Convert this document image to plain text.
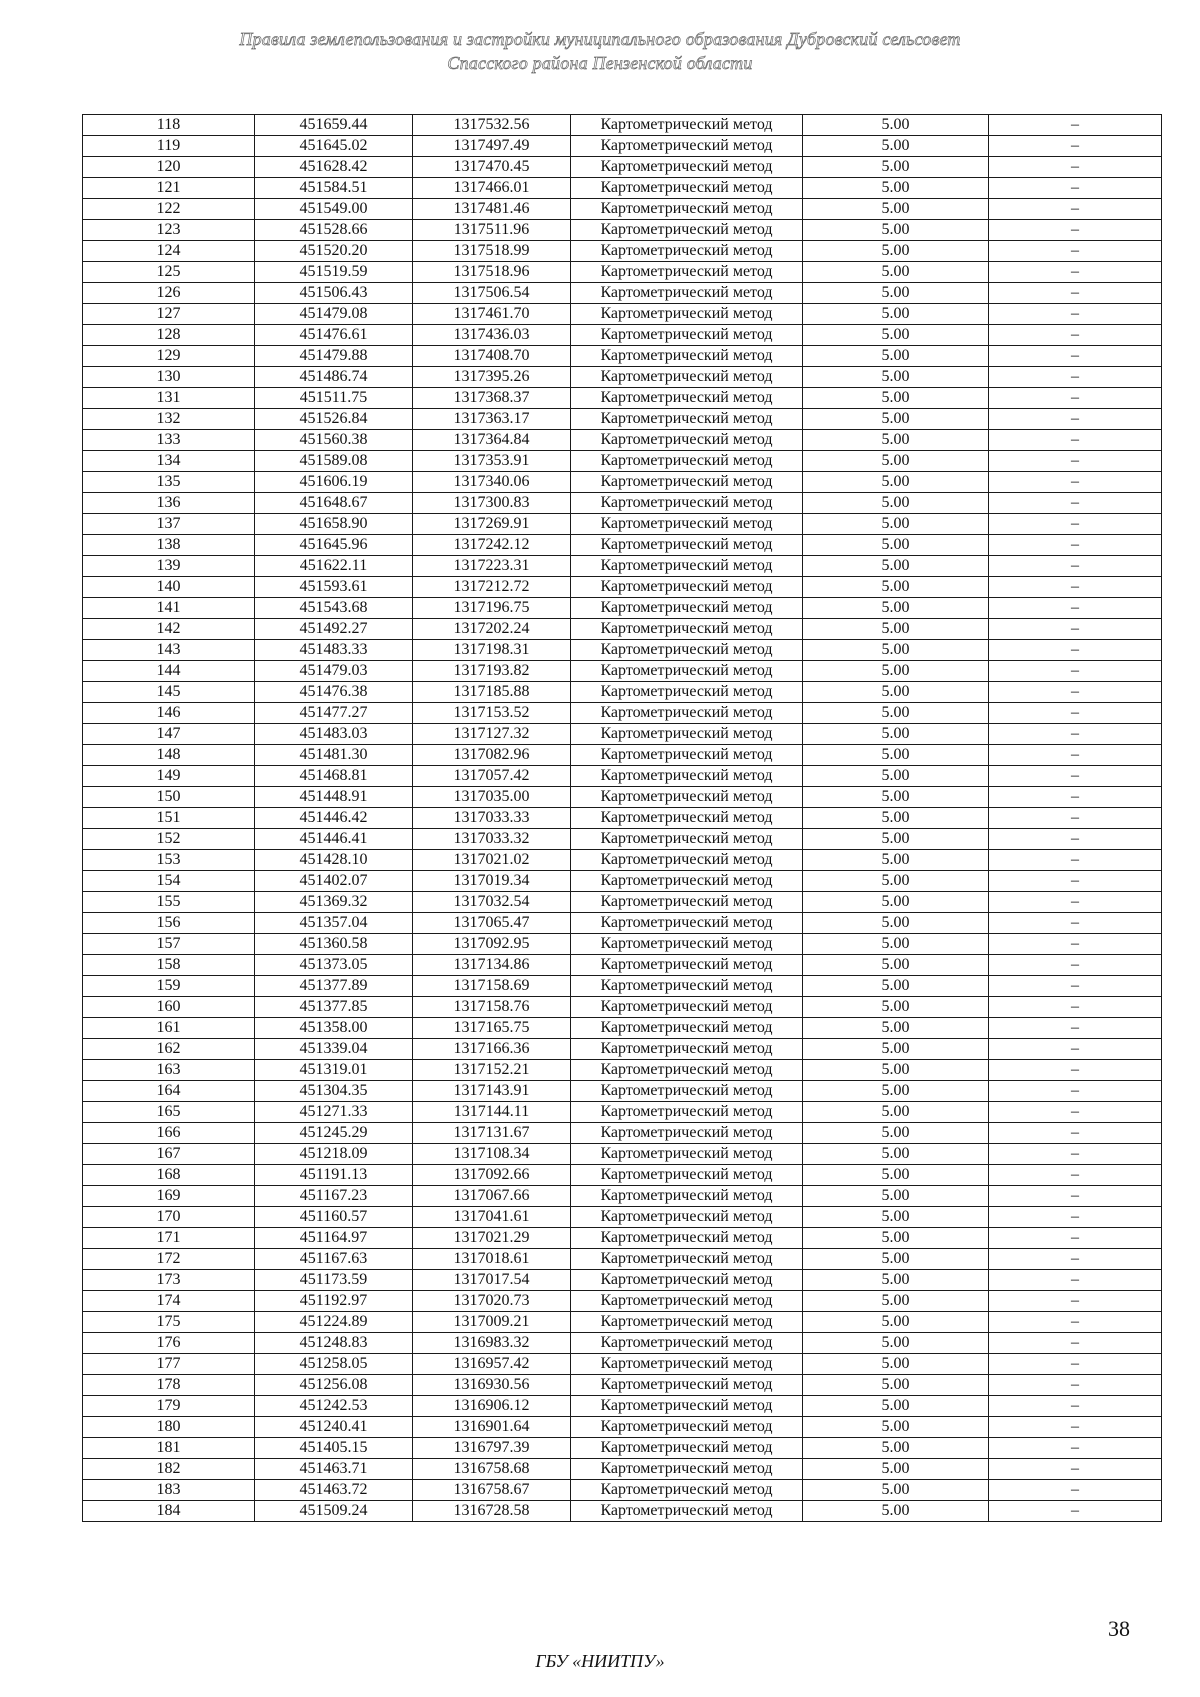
Правила землепользования и застройки муниципального образования Дубровский сельсовет
Спасского района Пензенской области
118	451659.44	1317532.56	Картометрический метод	5.00	–
119	451645.02	1317497.49	Картометрический метод	5.00	–
120	451628.42	1317470.45	Картометрический метод	5.00	–
121	451584.51	1317466.01	Картометрический метод	5.00	–
122	451549.00	1317481.46	Картометрический метод	5.00	–
123	451528.66	1317511.96	Картометрический метод	5.00	–
124	451520.20	1317518.99	Картометрический метод	5.00	–
125	451519.59	1317518.96	Картометрический метод	5.00	–
126	451506.43	1317506.54	Картометрический метод	5.00	–
127	451479.08	1317461.70	Картометрический метод	5.00	–
128	451476.61	1317436.03	Картометрический метод	5.00	–
129	451479.88	1317408.70	Картометрический метод	5.00	–
130	451486.74	1317395.26	Картометрический метод	5.00	–
131	451511.75	1317368.37	Картометрический метод	5.00	–
132	451526.84	1317363.17	Картометрический метод	5.00	–
133	451560.38	1317364.84	Картометрический метод	5.00	–
134	451589.08	1317353.91	Картометрический метод	5.00	–
135	451606.19	1317340.06	Картометрический метод	5.00	–
136	451648.67	1317300.83	Картометрический метод	5.00	–
137	451658.90	1317269.91	Картометрический метод	5.00	–
138	451645.96	1317242.12	Картометрический метод	5.00	–
139	451622.11	1317223.31	Картометрический метод	5.00	–
140	451593.61	1317212.72	Картометрический метод	5.00	–
141	451543.68	1317196.75	Картометрический метод	5.00	–
142	451492.27	1317202.24	Картометрический метод	5.00	–
143	451483.33	1317198.31	Картометрический метод	5.00	–
144	451479.03	1317193.82	Картометрический метод	5.00	–
145	451476.38	1317185.88	Картометрический метод	5.00	–
146	451477.27	1317153.52	Картометрический метод	5.00	–
147	451483.03	1317127.32	Картометрический метод	5.00	–
148	451481.30	1317082.96	Картометрический метод	5.00	–
149	451468.81	1317057.42	Картометрический метод	5.00	–
150	451448.91	1317035.00	Картометрический метод	5.00	–
151	451446.42	1317033.33	Картометрический метод	5.00	–
152	451446.41	1317033.32	Картометрический метод	5.00	–
153	451428.10	1317021.02	Картометрический метод	5.00	–
154	451402.07	1317019.34	Картометрический метод	5.00	–
155	451369.32	1317032.54	Картометрический метод	5.00	–
156	451357.04	1317065.47	Картометрический метод	5.00	–
157	451360.58	1317092.95	Картометрический метод	5.00	–
158	451373.05	1317134.86	Картометрический метод	5.00	–
159	451377.89	1317158.69	Картометрический метод	5.00	–
160	451377.85	1317158.76	Картометрический метод	5.00	–
161	451358.00	1317165.75	Картометрический метод	5.00	–
162	451339.04	1317166.36	Картометрический метод	5.00	–
163	451319.01	1317152.21	Картометрический метод	5.00	–
164	451304.35	1317143.91	Картометрический метод	5.00	–
165	451271.33	1317144.11	Картометрический метод	5.00	–
166	451245.29	1317131.67	Картометрический метод	5.00	–
167	451218.09	1317108.34	Картометрический метод	5.00	–
168	451191.13	1317092.66	Картометрический метод	5.00	–
169	451167.23	1317067.66	Картометрический метод	5.00	–
170	451160.57	1317041.61	Картометрический метод	5.00	–
171	451164.97	1317021.29	Картометрический метод	5.00	–
172	451167.63	1317018.61	Картометрический метод	5.00	–
173	451173.59	1317017.54	Картометрический метод	5.00	–
174	451192.97	1317020.73	Картометрический метод	5.00	–
175	451224.89	1317009.21	Картометрический метод	5.00	–
176	451248.83	1316983.32	Картометрический метод	5.00	–
177	451258.05	1316957.42	Картометрический метод	5.00	–
178	451256.08	1316930.56	Картометрический метод	5.00	–
179	451242.53	1316906.12	Картометрический метод	5.00	–
180	451240.41	1316901.64	Картометрический метод	5.00	–
181	451405.15	1316797.39	Картометрический метод	5.00	–
182	451463.71	1316758.68	Картометрический метод	5.00	–
183	451463.72	1316758.67	Картометрический метод	5.00	–
184	451509.24	1316728.58	Картометрический метод	5.00	–
38
ГБУ «НИИТПУ»
